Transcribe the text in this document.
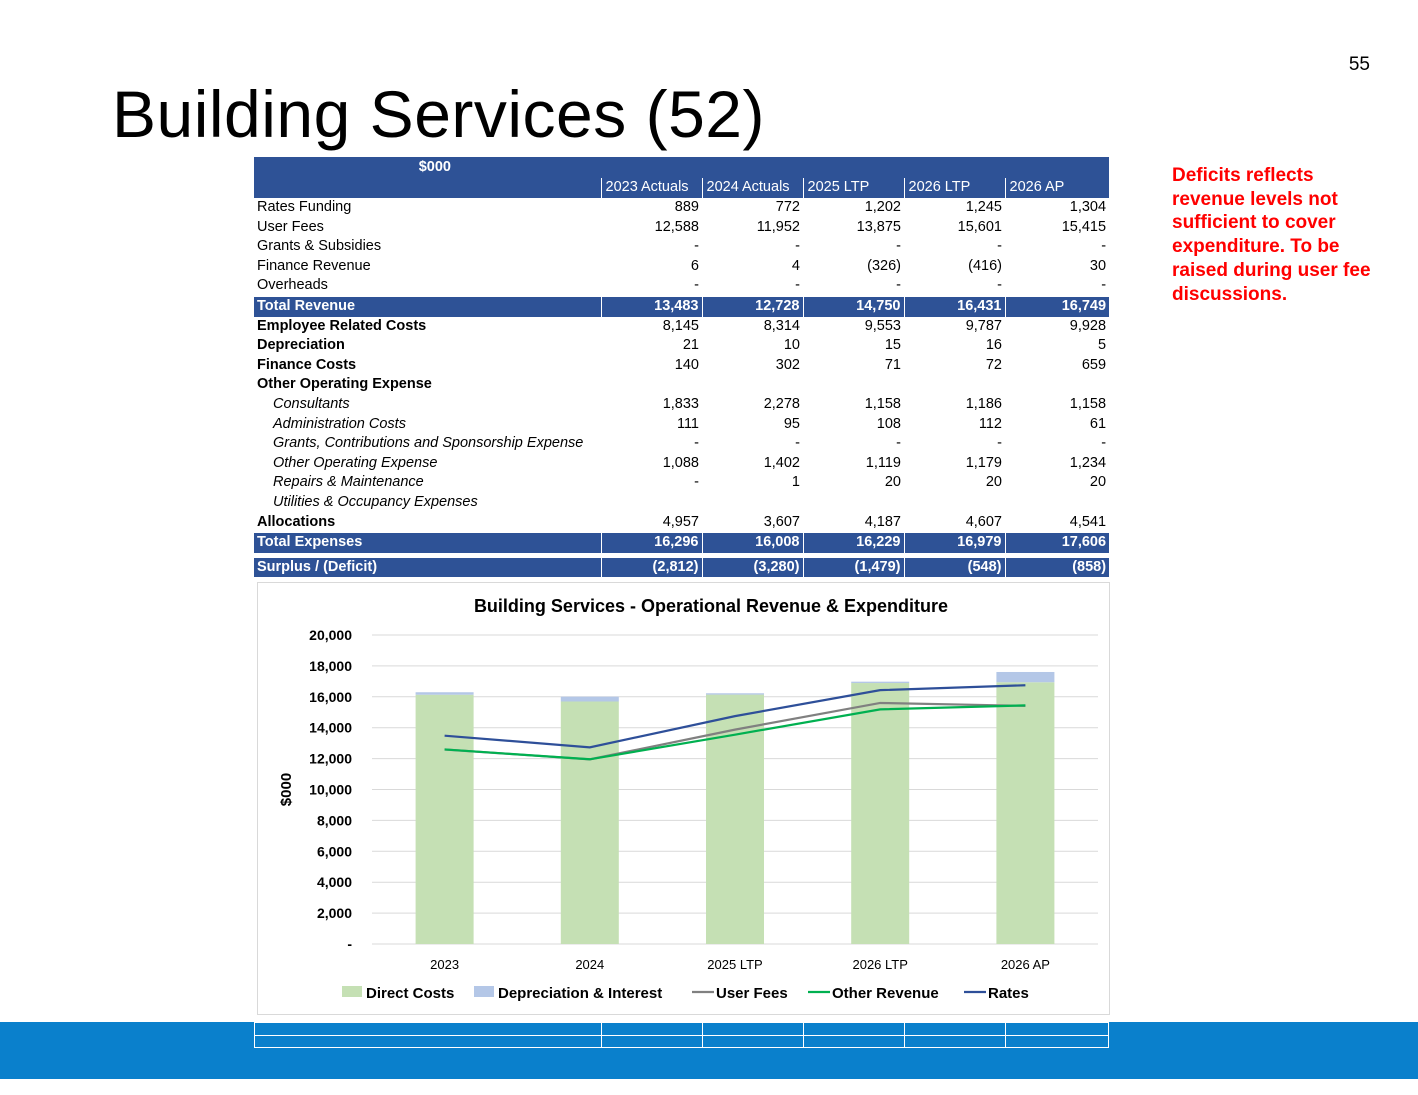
55
Building Services (52)
Deficits reflects revenue levels not sufficient to cover expenditure. To be raised during user fee discussions.
$000					
	2023 Actuals	2024 Actuals	2025 LTP	2026 LTP	2026 AP
Rates Funding	889	772	1,202	1,245	1,304
User Fees	12,588	11,952	13,875	15,601	15,415
Grants & Subsidies	-	-	-	-	-
Finance Revenue	6	4	(326)	(416)	30
Overheads	-	-	-	-	-
Total Revenue	13,483	12,728	14,750	16,431	16,749
Employee Related Costs	8,145	8,314	9,553	9,787	9,928
Depreciation	21	10	15	16	5
Finance Costs	140	302	71	72	659
Other Operating Expense					
Consultants	1,833	2,278	1,158	1,186	1,158
Administration Costs	111	95	108	112	61
Grants, Contributions and Sponsorship Expense	-	-	-	-	-
Other Operating Expense	1,088	1,402	1,119	1,179	1,234
Repairs & Maintenance	-	1	20	20	20
Utilities & Occupancy Expenses					
Allocations	4,957	3,607	4,187	4,607	4,541
Total Expenses	16,296	16,008	16,229	16,979	17,606

Surplus / (Deficit)	(2,812)	(3,280)	(1,479)	(548)	(858)
Building Services - Operational Revenue & Expenditure
-
2,000
4,000
6,000
8,000
10,000
12,000
14,000
16,000
18,000
20,000
$000
2023	2024	2025 LTP	2026 LTP	2026 AP
Direct Costs	Depreciation & Interest	User Fees	Other Revenue	Rates
